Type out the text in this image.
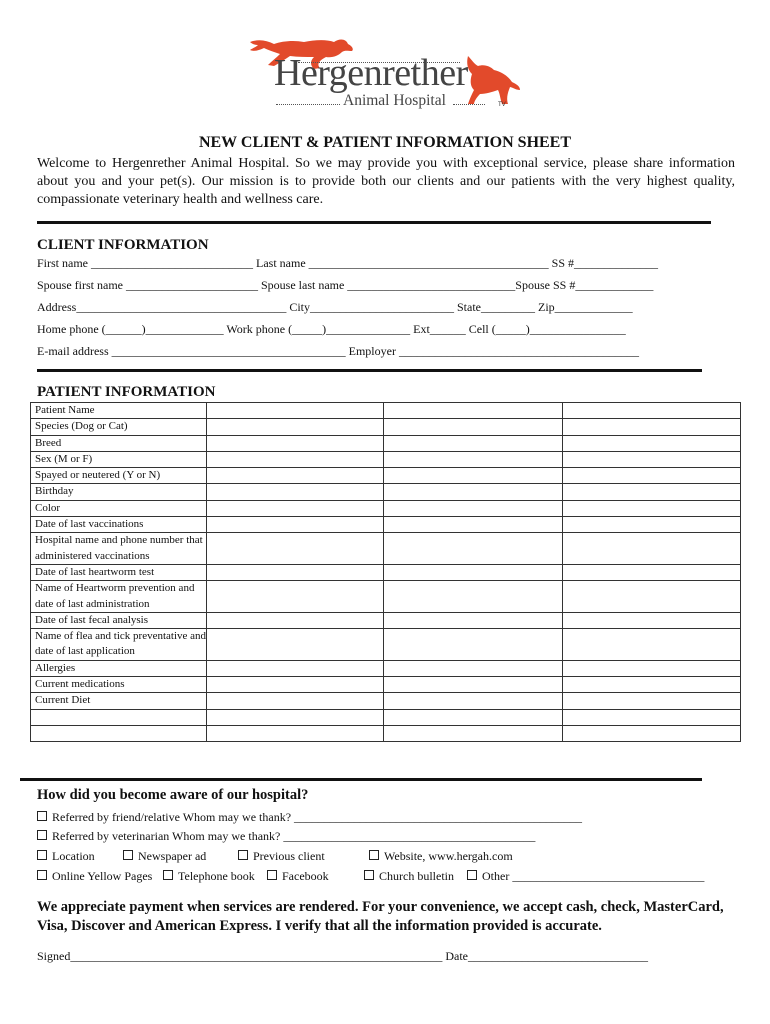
Hergenrether
Animal Hospital	TV
NEW CLIENT & PATIENT INFORMATION SHEET
Welcome to Hergenrether Animal Hospital. So we may provide you with exceptional service, please share information about you and your pet(s). Our mission is to provide both our clients and our patients with the very highest quality, compassionate veterinary health and wellness care.
CLIENT INFORMATION
First name ___________________________ Last name ________________________________________ SS #______________
Spouse first name ______________________ Spouse last name ____________________________Spouse SS #_____________
Address___________________________________ City________________________ State_________ Zip_____________
Home phone (______)_____________ Work phone (_____)______________ Ext______ Cell (_____)________________
E-mail address _______________________________________ Employer ________________________________________
PATIENT INFORMATION
Patient Name			
Species (Dog or Cat)			
Breed			
Sex (M or F)			
Spayed or neutered (Y or N)			
Birthday			
Color			
Date of last vaccinations			
Hospital name and phone number that administered vaccinations			
Date of last heartworm test			
Name of Heartworm prevention and date of last administration			
Date of last fecal analysis			
Name of flea and tick preventative and date of last application			
Allergies			
Current medications			
Current Diet			

How did you become aware of our hospital?
Referred by friend/relative Whom may we thank? ________________________________________________
Referred by veterinarian Whom may we thank? __________________________________________
Location	Newspaper ad	Previous client	Website, www.hergah.com
Online Yellow Pages	Telephone book	Facebook	Church bulletin	Other ________________________________
We appreciate payment when services are rendered. For your convenience, we accept cash, check, MasterCard, Visa, Discover and American Express. I verify that all the information provided is accurate.
Signed______________________________________________________________ Date______________________________
